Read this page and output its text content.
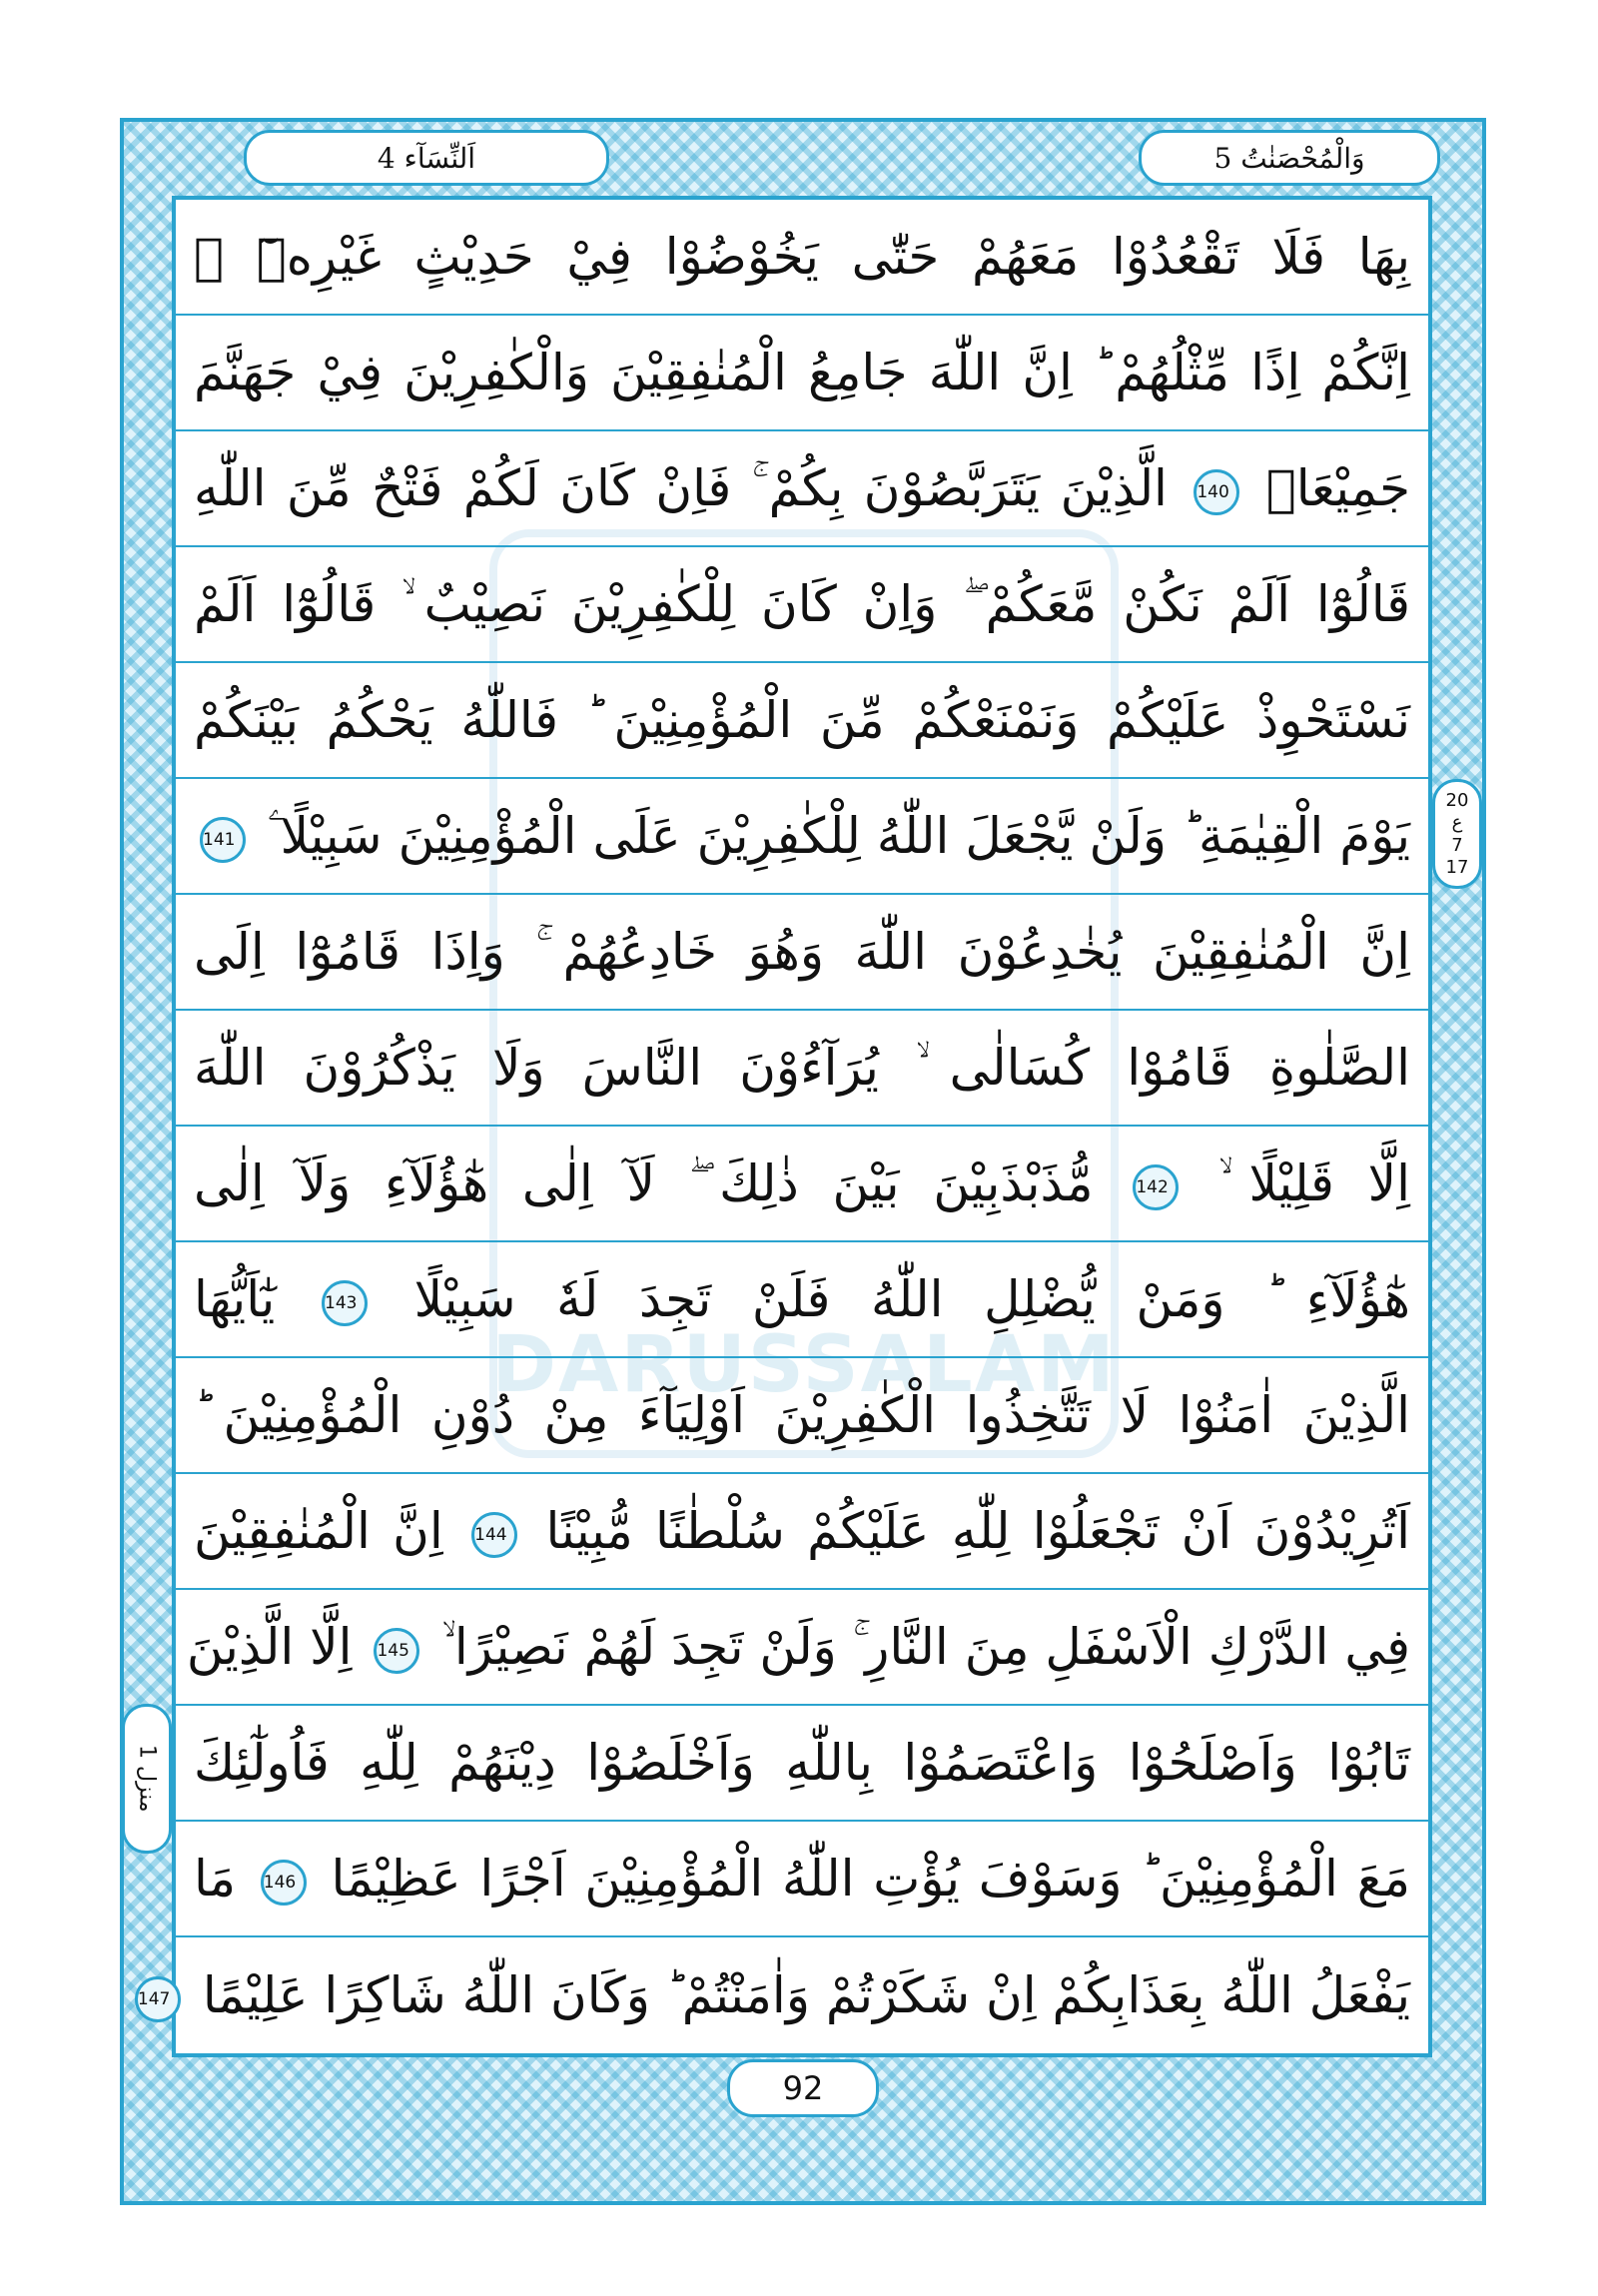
وَالْمُحْصَنٰتُ 5
اَلنِّسَآء 4
DARUSSALAM
بِهَا فَلَا تَقْعُدُوْا مَعَهُمْ حَتّٰى يَخُوْضُوْا فِيْ حَدِيْثٍ غَيْرِهٖٓ ۚ
اِنَّكُمْ اِذًا مِّثْلُهُمْ ؕ اِنَّ اللّٰهَ جَامِعُ الْمُنٰفِقِيْنَ وَالْكٰفِرِيْنَ فِيْ جَهَنَّمَ
جَمِيْعَاۨ 140 الَّذِيْنَ يَتَرَبَّصُوْنَ بِكُمْ ۚ فَاِنْ كَانَ لَكُمْ فَتْحٌ مِّنَ اللّٰهِ
قَالُوْٓا اَلَمْ نَكُنْ مَّعَكُمْ ۖ وَاِنْ كَانَ لِلْكٰفِرِيْنَ نَصِيْبٌ ۙ قَالُوْٓا اَلَمْ
نَسْتَحْوِذْ عَلَيْكُمْ وَنَمْنَعْكُمْ مِّنَ الْمُؤْمِنِيْنَ ؕ فَاللّٰهُ يَحْكُمُ بَيْنَكُمْ
يَوْمَ الْقِيٰمَةِ ؕ وَلَنْ يَّجْعَلَ اللّٰهُ لِلْكٰفِرِيْنَ عَلَى الْمُؤْمِنِيْنَ سَبِيْلًا ۧ 141
اِنَّ الْمُنٰفِقِيْنَ يُخٰدِعُوْنَ اللّٰهَ وَهُوَ خَادِعُهُمْ ۚ وَاِذَا قَامُوْٓا اِلَى
الصَّلٰوةِ قَامُوْا كُسَالٰى ۙ يُرَآءُوْنَ النَّاسَ وَلَا يَذْكُرُوْنَ اللّٰهَ
اِلَّا قَلِيْلًا ۙ 142 مُّذَبْذَبِيْنَ بَيْنَ ذٰلِكَ ۖ لَآ اِلٰى هٰٓؤُلَآءِ وَلَآ اِلٰى
هٰٓؤُلَآءِ ؕ وَمَنْ يُّضْلِلِ اللّٰهُ فَلَنْ تَجِدَ لَهٗ سَبِيْلًا 143 يٰٓاَيُّهَا
الَّذِيْنَ اٰمَنُوْا لَا تَتَّخِذُوا الْكٰفِرِيْنَ اَوْلِيَآءَ مِنْ دُوْنِ الْمُؤْمِنِيْنَ ؕ
اَتُرِيْدُوْنَ اَنْ تَجْعَلُوْا لِلّٰهِ عَلَيْكُمْ سُلْطٰنًا مُّبِيْنًا 144 اِنَّ الْمُنٰفِقِيْنَ
فِي الدَّرْكِ الْاَسْفَلِ مِنَ النَّارِ ۚ وَلَنْ تَجِدَ لَهُمْ نَصِيْرًا ۙ 145 اِلَّا الَّذِيْنَ
تَابُوْا وَاَصْلَحُوْا وَاعْتَصَمُوْا بِاللّٰهِ وَاَخْلَصُوْا دِيْنَهُمْ لِلّٰهِ فَاُولٰٓئِكَ
مَعَ الْمُؤْمِنِيْنَ ؕ وَسَوْفَ يُؤْتِ اللّٰهُ الْمُؤْمِنِيْنَ اَجْرًا عَظِيْمًا 146 مَا
يَفْعَلُ اللّٰهُ بِعَذَابِكُمْ اِنْ شَكَرْتُمْ وَاٰمَنْتُمْ ؕ وَكَانَ اللّٰهُ شَاكِرًا عَلِيْمًا 147
20
ع
7
17
منزل 1
92
